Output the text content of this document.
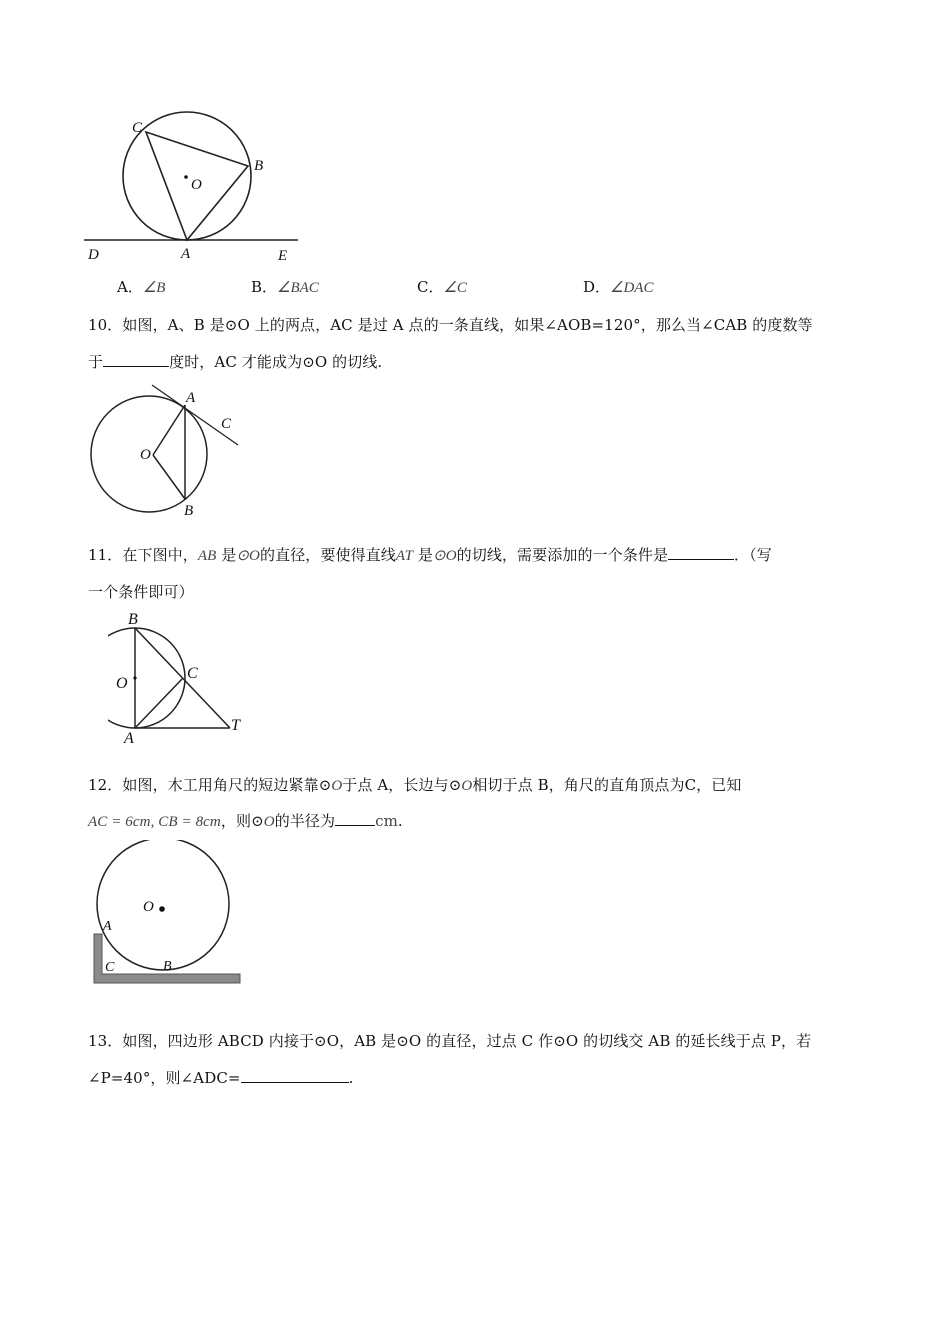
C
B
O
D	A	E
A．∠B	B．∠BAC	C．∠C	D．∠DAC
10．如图，A、B 是⊙O 上的两点，AC 是过 A 点的一条直线，如果∠AOB=120°，那么当∠CAB 的度数等
于	度时，AC 才能成为⊙O 的切线.
A
C
O
B
11．在下图中，AB 是⊙O的直径，要使得直线AT 是⊙O的切线，需要添加的一个条件是	．（写
一个条件即可）
B
O
C
A
T
12．如图，木工用角尺的短边紧靠⊙O于点 A，长边与⊙O相切于点 B，角尺的直角顶点为C，已知
AC = 6cm, CB = 8cm，则⊙O的半径为	cm.
O
A
C	B
13．如图，四边形 ABCD 内接于⊙O，AB 是⊙O 的直径，过点 C 作⊙O 的切线交 AB 的延长线于点 P，若
∠P=40°，则∠ADC=	.
